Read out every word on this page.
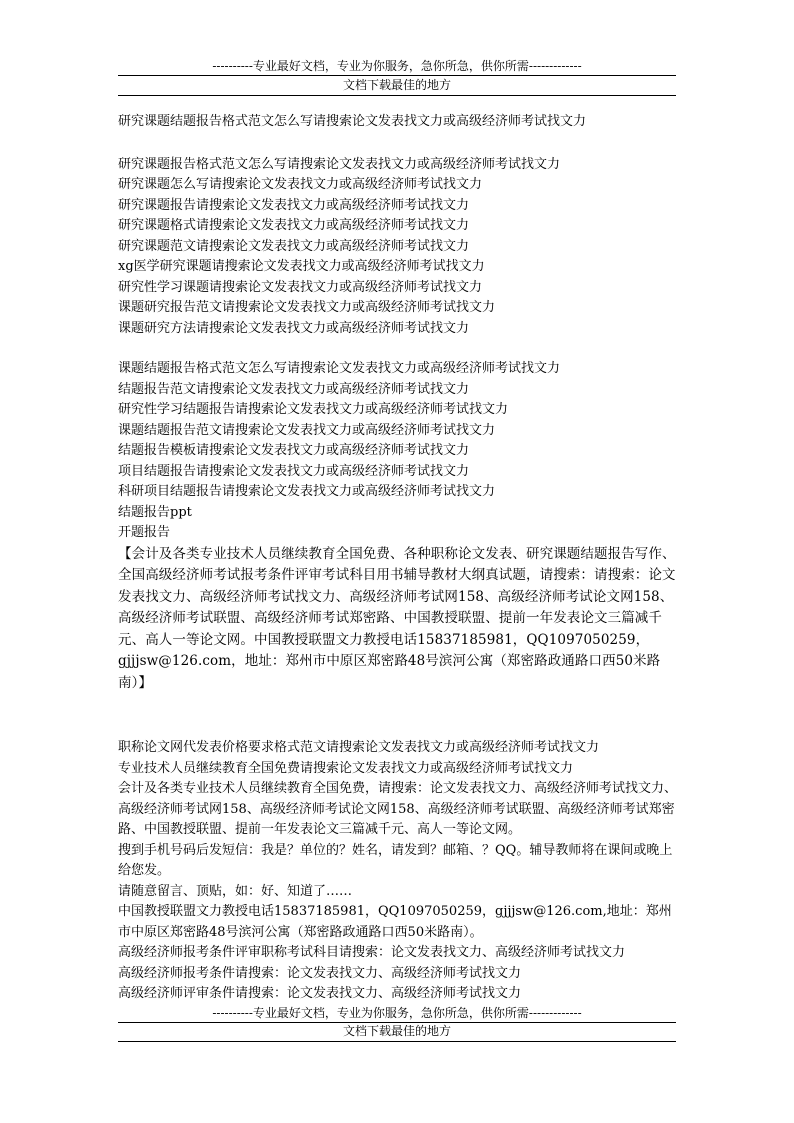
----------专业最好文档，专业为你服务，急你所急，供你所需-------------
文档下载最佳的地方

研究课题结题报告格式范文怎么写请搜索论文发表找文力或高级经济师考试找文力

研究课题报告格式范文怎么写请搜索论文发表找文力或高级经济师考试找文力
研究课题怎么写请搜索论文发表找文力或高级经济师考试找文力
研究课题报告请搜索论文发表找文力或高级经济师考试找文力
研究课题格式请搜索论文发表找文力或高级经济师考试找文力
研究课题范文请搜索论文发表找文力或高级经济师考试找文力
xg医学研究课题请搜索论文发表找文力或高级经济师考试找文力
研究性学习课题请搜索论文发表找文力或高级经济师考试找文力
课题研究报告范文请搜索论文发表找文力或高级经济师考试找文力
课题研究方法请搜索论文发表找文力或高级经济师考试找文力
课题结题报告格式范文怎么写请搜索论文发表找文力或高级经济师考试找文力
结题报告范文请搜索论文发表找文力或高级经济师考试找文力
研究性学习结题报告请搜索论文发表找文力或高级经济师考试找文力
课题结题报告范文请搜索论文发表找文力或高级经济师考试找文力
结题报告模板请搜索论文发表找文力或高级经济师考试找文力
项目结题报告请搜索论文发表找文力或高级经济师考试找文力
科研项目结题报告请搜索论文发表找文力或高级经济师考试找文力
结题报告ppt
开题报告

【会计及各类专业技术人员继续教育全国免费、各种职称论文发表、研究课题结题报告写作、全国高级经济师考试报考条件评审考试科目用书辅导教材大纲真试题，请搜索：请搜索：论文发表找文力、高级经济师考试找文力、高级经济师考试网158、高级经济师考试论文网158、高级经济师考试联盟、高级经济师考试郑密路、中国教授联盟、提前一年发表论文三篇减千元、高人一等论文网。中国教授联盟文力教授电话15837185981，QQ1097050259，gjjjsw@126.com，地址：郑州市中原区郑密路48号滨河公寓（郑密路政通路口西50米路南）】

职称论文网代发表价格要求格式范文请搜索论文发表找文力或高级经济师考试找文力
专业技术人员继续教育全国免费请搜索论文发表找文力或高级经济师考试找文力
会计及各类专业技术人员继续教育全国免费，请搜索：论文发表找文力、高级经济师考试找文力、高级经济师考试网158、高级经济师考试论文网158、高级经济师考试联盟、高级经济师考试郑密路、中国教授联盟、提前一年发表论文三篇减千元、高人一等论文网。
搜到手机号码后发短信：我是？单位的？姓名，请发到？邮箱、？QQ。辅导教师将在课间或晚上给您发。
请随意留言、顶贴，如：好、知道了……
中国教授联盟文力教授电话15837185981，QQ1097050259，gjjjsw@126.com,地址：郑州市中原区郑密路48号滨河公寓（郑密路政通路口西50米路南）。
高级经济师报考条件评审职称考试科目请搜索：论文发表找文力、高级经济师考试找文力
高级经济师报考条件请搜索：论文发表找文力、高级经济师考试找文力
高级经济师评审条件请搜索：论文发表找文力、高级经济师考试找文力
----------专业最好文档，专业为你服务，急你所急，供你所需-------------
文档下载最佳的地方
